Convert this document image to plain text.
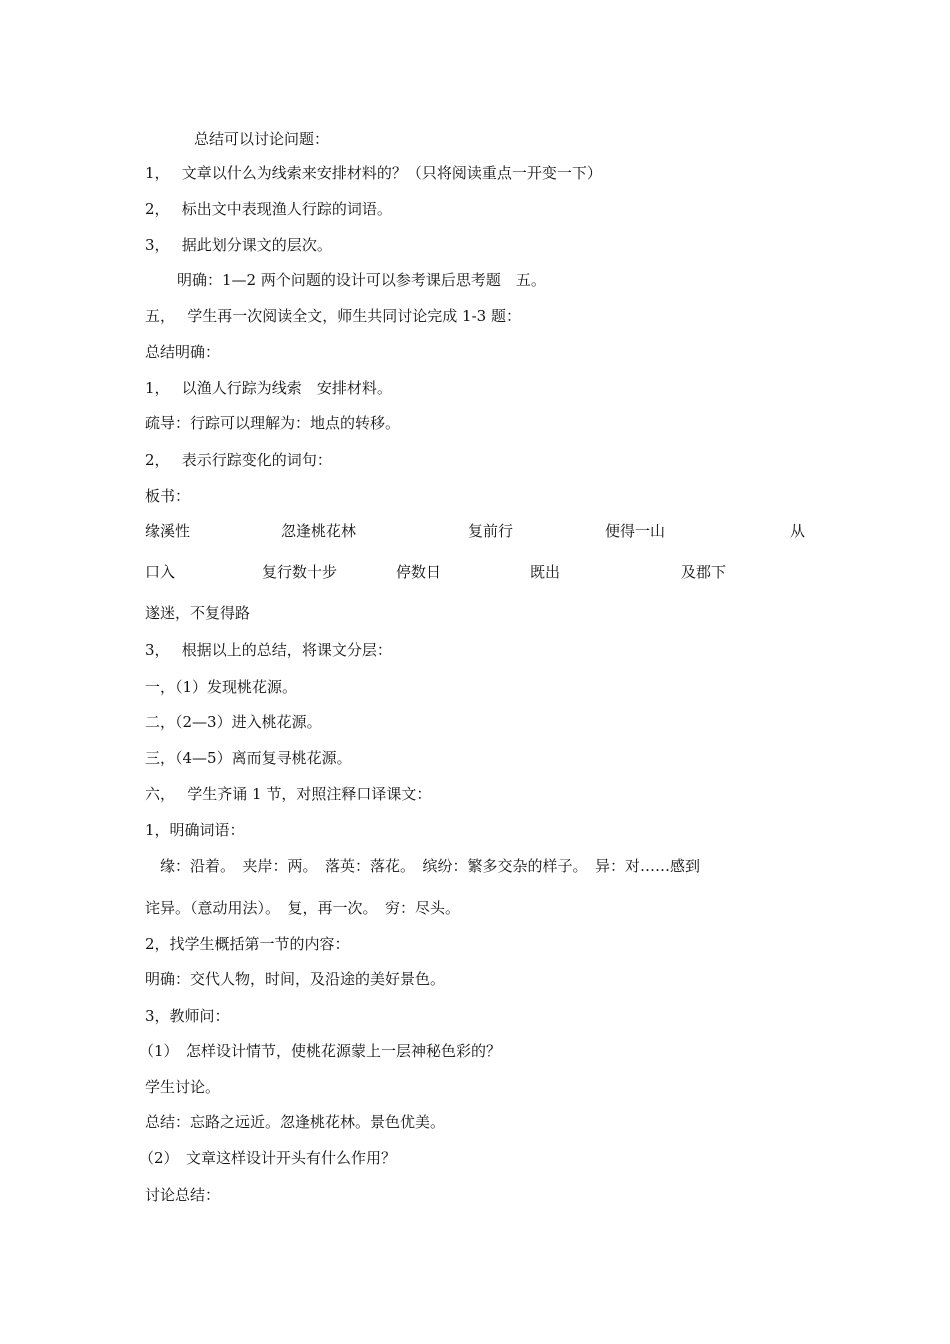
总结可以讨论问题：
1，　 文章以什么为线索来安排材料的？（只将阅读重点一开变一下）
2，　 标出文中表现渔人行踪的词语。
3，　 据此划分课文的层次。
明确：1—2 两个问题的设计可以参考课后思考题　五。
五，　 学生再一次阅读全文，师生共同讨论完成 1-3 题：
总结明确：
1，　 以渔人行踪为线索　安排材料。
疏导：行踪可以理解为：地点的转移。
2，　 表示行踪变化的词句：
板书：
缘溪性	忽逢桃花林	复前行	便得一山	从
口入	复行数十步	停数日	既出	及郡下
遂迷，不复得路
3，　 根据以上的总结，将课文分层：
一，（1）发现桃花源。
二，（2—3）进入桃花源。
三，（4—5）离而复寻桃花源。
六，　 学生齐诵 1 节，对照注释口译课文：
1，明确词语：
缘：沿着。　夹岸：两。　落英：落花。　缤纷：繁多交杂的样子。　异：对……感到
诧异。（意动用法）。　复，再一次。　穷：尽头。
2，找学生概括第一节的内容：
明确：交代人物，时间，及沿途的美好景色。
3，教师问：
（1）　怎样设计情节，使桃花源蒙上一层神秘色彩的？
学生讨论。
总结：忘路之远近。忽逢桃花林。景色优美。
（2）　文章这样设计开头有什么作用？
讨论总结：
